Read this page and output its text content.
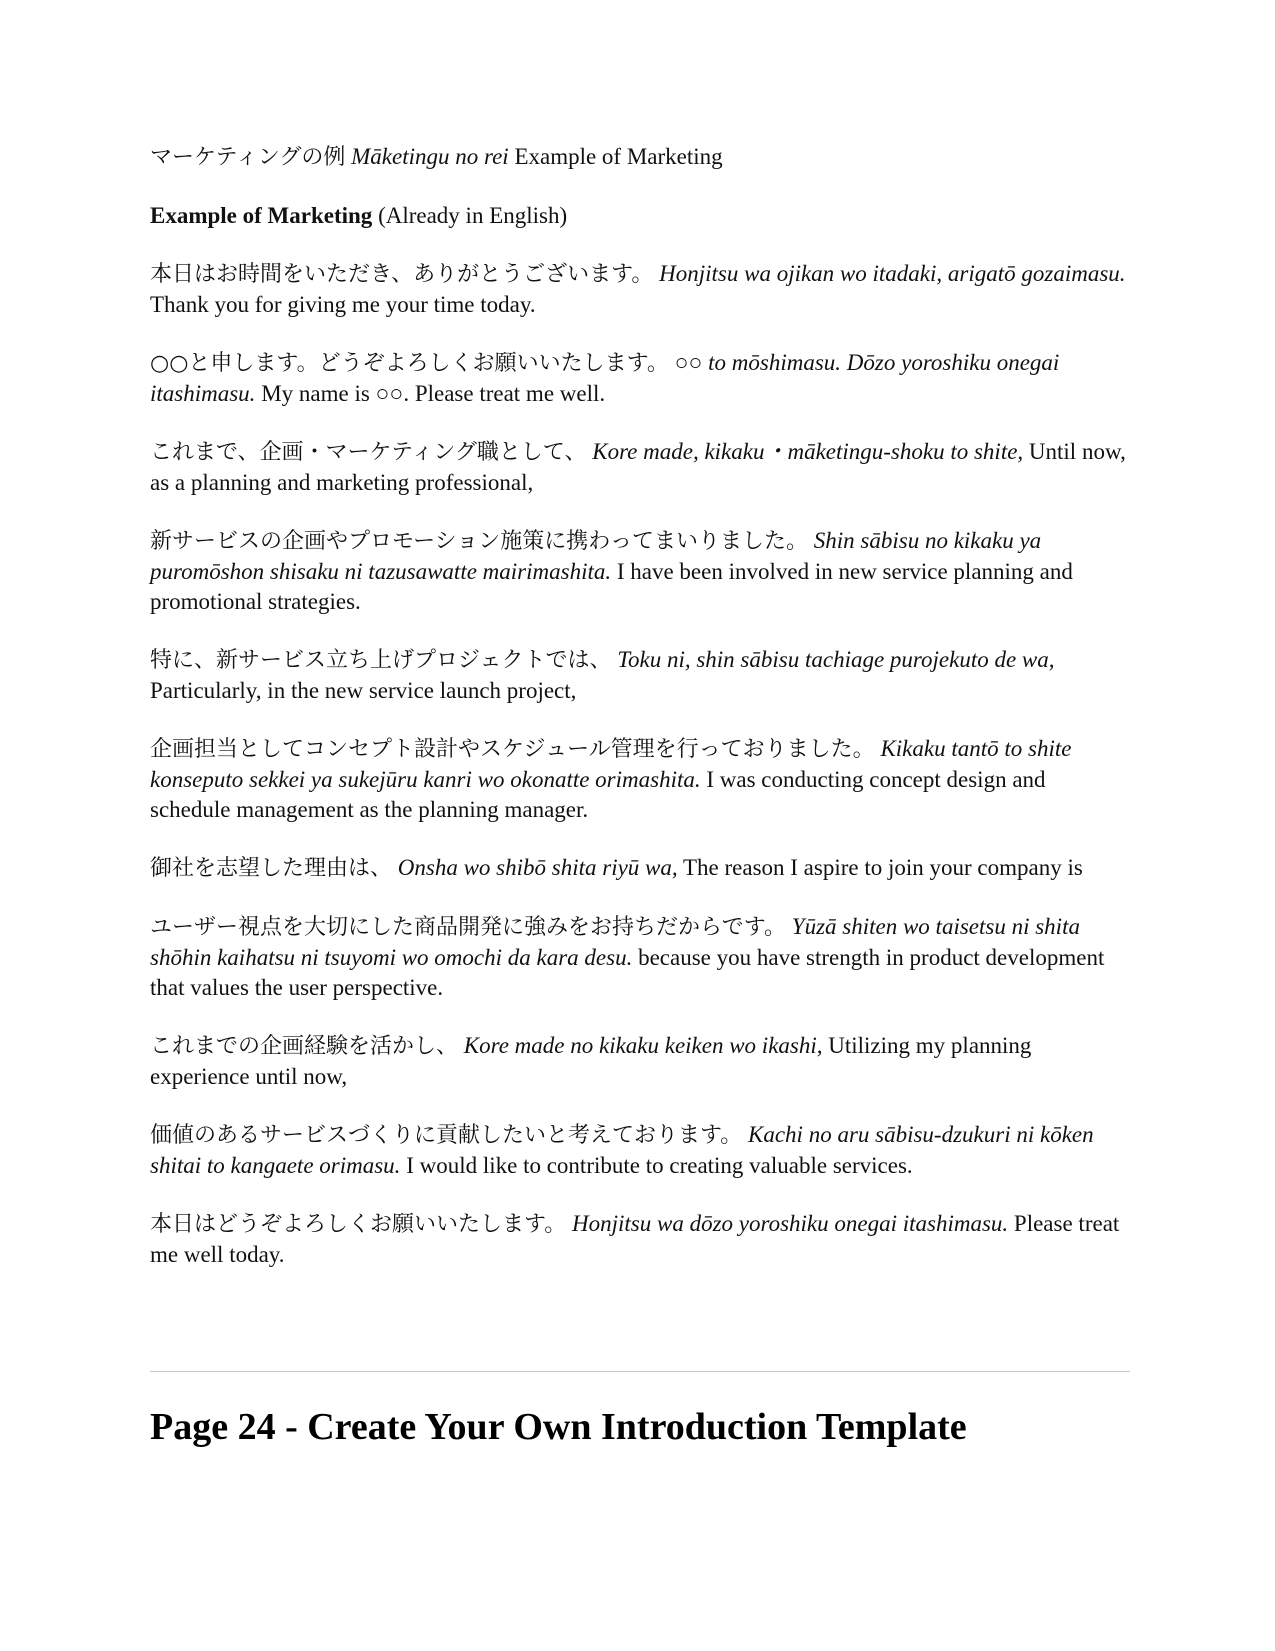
マーケティングの例 Māketingu no rei Example of Marketing

Example of Marketing (Already in English)

本日はお時間をいただき、ありがとうございます。 Honjitsu wa ojikan wo itadaki, arigatō gozaimasu. Thank you for giving me your time today.

○○と申します。どうぞよろしくお願いいたします。 ○○ to mōshimasu. Dōzo yoroshiku onegai itashimasu. My name is ○○. Please treat me well.

これまで、企画・マーケティング職として、 Kore made, kikaku・māketingu-shoku to shite, Until now, as a planning and marketing professional,

新サービスの企画やプロモーション施策に携わってまいりました。 Shin sābisu no kikaku ya puromōshon shisaku ni tazusawatte mairimashita. I have been involved in new service planning and promotional strategies.

特に、新サービス立ち上げプロジェクトでは、 Toku ni, shin sābisu tachiage purojekuto de wa, Particularly, in the new service launch project,

企画担当としてコンセプト設計やスケジュール管理を行っておりました。 Kikaku tantō to shite konseputo sekkei ya sukejūru kanri wo okonatte orimashita. I was conducting concept design and schedule management as the planning manager.

御社を志望した理由は、 Onsha wo shibō shita riyū wa, The reason I aspire to join your company is

ユーザー視点を大切にした商品開発に強みをお持ちだからです。 Yūzā shiten wo taisetsu ni shita shōhin kaihatsu ni tsuyomi wo omochi da kara desu. because you have strength in product development that values the user perspective.

これまでの企画経験を活かし、 Kore made no kikaku keiken wo ikashi, Utilizing my planning experience until now,

価値のあるサービスづくりに貢献したいと考えております。 Kachi no aru sābisu-dzukuri ni kōken shitai to kangaete orimasu. I would like to contribute to creating valuable services.

本日はどうぞよろしくお願いいたします。 Honjitsu wa dōzo yoroshiku onegai itashimasu. Please treat me well today.

Page 24 - Create Your Own Introduction Template
